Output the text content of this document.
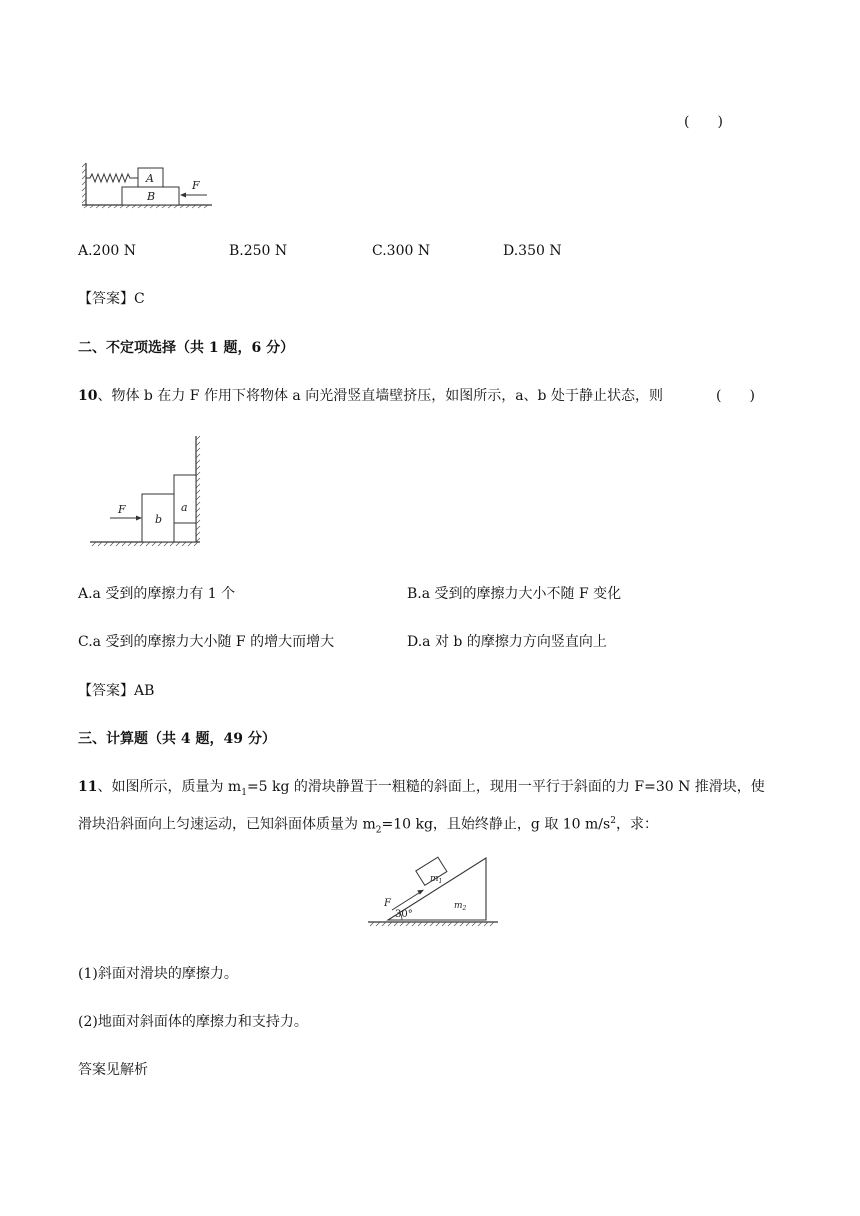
(　　)
A
B
F
A.200 N	B.250 N	C.300 N	D.350 N
【答案】C
二、不定项选择（共 1 题，6 分）
10、物体 b 在力 F 作用下将物体 a 向光滑竖直墙壁挤压，如图所示，a、b 处于静止状态，则	(　　)
a
b
F
A.a 受到的摩擦力有 1 个	B.a 受到的摩擦力大小不随 F 变化
C.a 受到的摩擦力大小随 F 的增大而增大	D.a 对 b 的摩擦力方向竖直向上
【答案】AB
三、计算题（共 4 题，49 分）
11、如图所示，质量为 $m_1=5$ kg 的滑块静置于一粗糙的斜面上，现用一平行于斜面的力 F=30 N 推滑块，使
滑块沿斜面向上匀速运动，已知斜面体质量为 $m_2=10$ kg，且始终静止，g 取 10 $m/s^2$，求：
30°
$m_1$
F	$m_2$
(1)斜面对滑块的摩擦力。
(2)地面对斜面体的摩擦力和支持力。
答案见解析
